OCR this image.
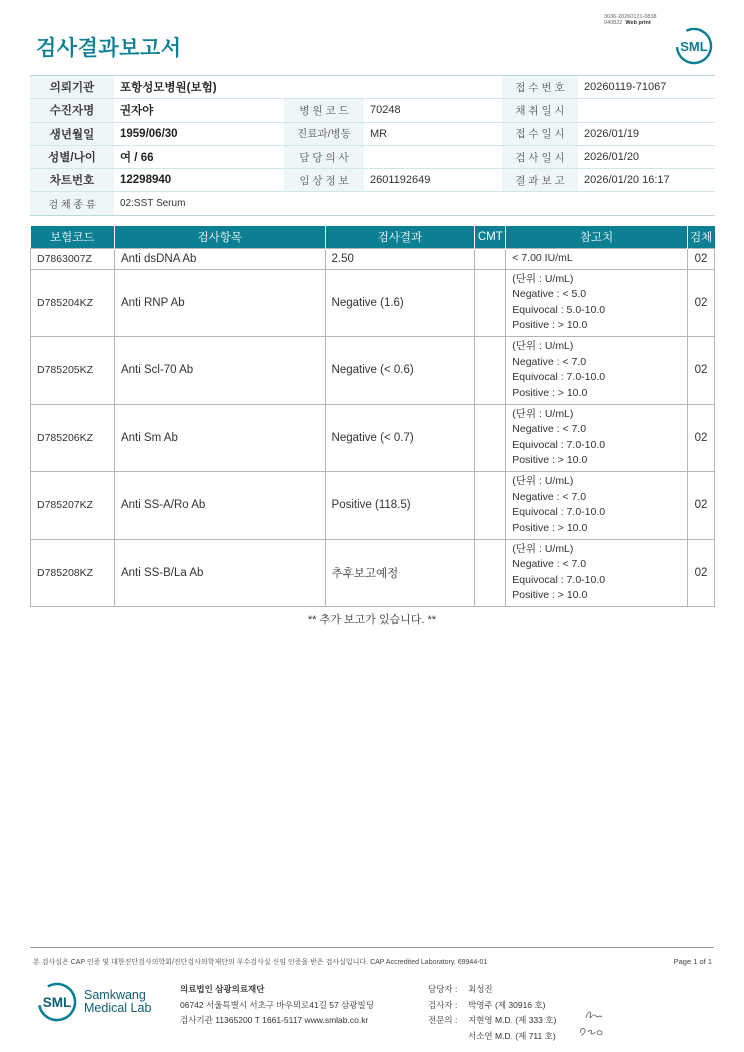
검사결과보고서
3036-20260121-0838
040822 Web print
SML
의뢰기관	포항성모병원(보험)			접 수 번 호	20260119-71067
수진자명	권자야	병 원 코 드	70248	채 취 일 시	
생년월일	1959/06/30	진료과/병동	MR	접 수 일 시	2026/01/19
성별/나이	여 / 66	담 당 의 사		검 사 일 시	2026/01/20
차트번호	12298940	임 상 정 보	2601192649	결 과 보 고	2026/01/20 16:17
검 체 종 류	02:SST Serum				
보험코드	검사항목	검사결과	CMT	참고치	검체
D7863007Z	Anti dsDNA Ab	2.50		< 7.00 IU/mL	02
D785204KZ	Anti RNP Ab	Negative (1.6)		(단위 : U/mL)
Negative : < 5.0
Equivocal : 5.0-10.0
Positive : > 10.0	02
D785205KZ	Anti Scl-70 Ab	Negative (< 0.6)		(단위 : U/mL)
Negative : < 7.0
Equivocal : 7.0-10.0
Positive : > 10.0	02
D785206KZ	Anti Sm Ab	Negative (< 0.7)		(단위 : U/mL)
Negative : < 7.0
Equivocal : 7.0-10.0
Positive : > 10.0	02
D785207KZ	Anti SS-A/Ro Ab	Positive (118.5)		(단위 : U/mL)
Negative : < 7.0
Equivocal : 7.0-10.0
Positive : > 10.0	02
D785208KZ	Anti SS-B/La Ab	추후보고예정		(단위 : U/mL)
Negative : < 7.0
Equivocal : 7.0-10.0
Positive : > 10.0	02
** 추가 보고가 있습니다. **
본 검사실은 CAP 인증 및 대한진단검사의학회/진단검사의학재단의 우수검사실 신임 인증을 받은 검사실입니다. CAP Accredited Laboratory. 69944-01	Page 1 of 1
SML Samkwang
Medical Lab
의료법인 삼광의료재단
06742 서울특별시 서초구 바우뫼로41길 57 삼광빌딩
검사기관 11365200 T 1661-5117 www.smlab.co.kr
담당자 :	최성진
검사자 :	박영주 (제 30916 호)
전문의 :	지현영 M.D. (제 333 호)
서소연 M.D. (제 711 호)
